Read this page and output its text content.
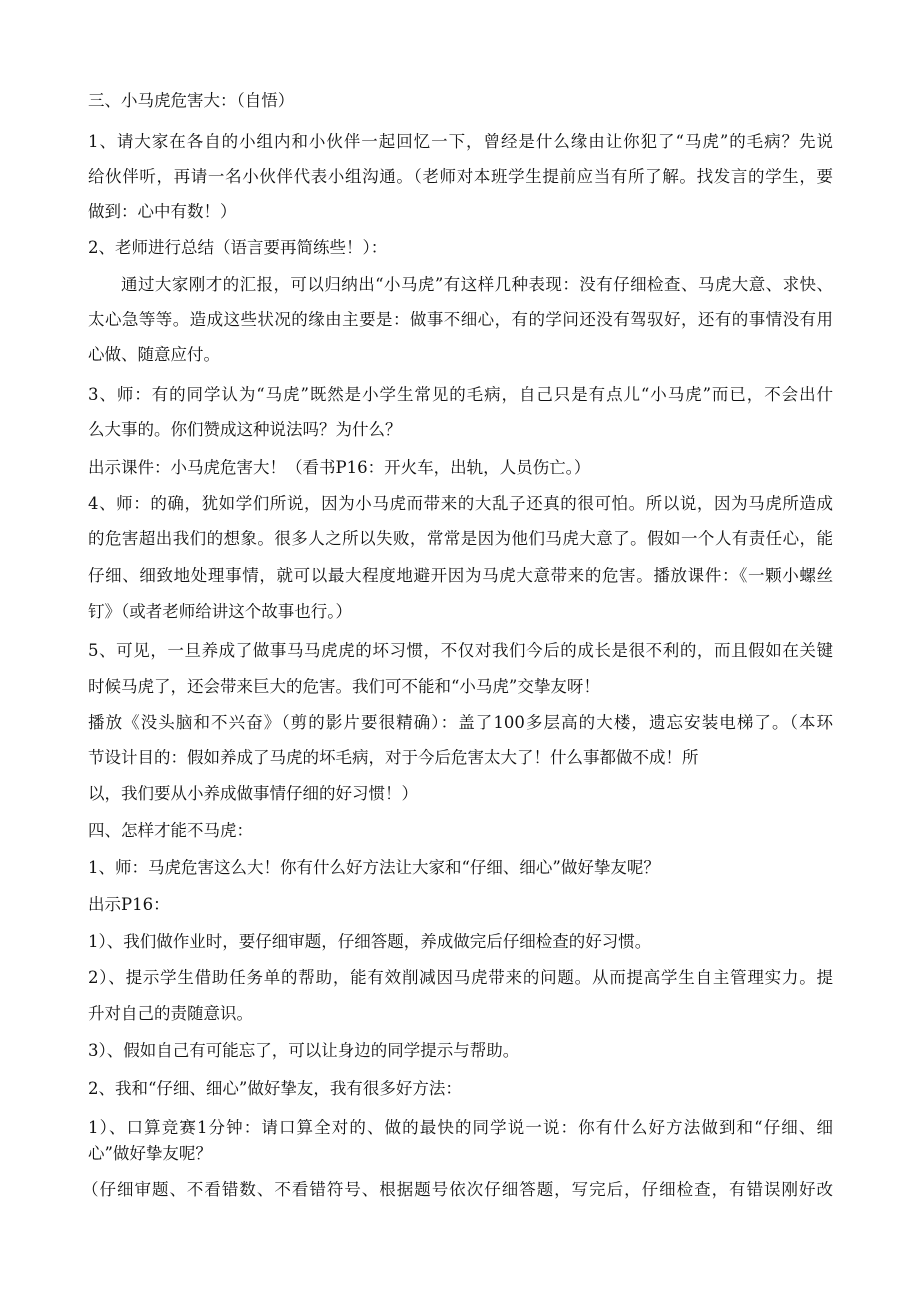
三、小马虎危害大：（自悟）
1、请大家在各自的小组内和小伙伴一起回忆一下，曾经是什么缘由让你犯了“马虎”的毛病？先说
给伙伴听，再请一名小伙伴代表小组沟通。（老师对本班学生提前应当有所了解。找发言的学生，要
做到：心中有数！）
2、老师进行总结（语言要再简练些！）：
通过大家刚才的汇报，可以归纳出“小马虎”有这样几种表现：没有仔细检查、马虎大意、求快、
太心急等等。造成这些状况的缘由主要是：做事不细心，有的学问还没有驾驭好，还有的事情没有用
心做、随意应付。
3、师：有的同学认为“马虎”既然是小学生常见的毛病，自己只是有点儿“小马虎”而已，不会出什
么大事的。你们赞成这种说法吗？为什么？
出示课件：小马虎危害大！（看书P16：开火车，出轨，人员伤亡。）
4、师：的确，犹如学们所说，因为小马虎而带来的大乱子还真的很可怕。所以说，因为马虎所造成
的危害超出我们的想象。很多人之所以失败，常常是因为他们马虎大意了。假如一个人有责任心，能
仔细、细致地处理事情，就可以最大程度地避开因为马虎大意带来的危害。播放课件：《一颗小螺丝
钉》（或者老师给讲这个故事也行。）
5、可见，一旦养成了做事马马虎虎的坏习惯，不仅对我们今后的成长是很不利的，而且假如在关键
时候马虎了，还会带来巨大的危害。我们可不能和“小马虎”交挚友呀！
播放《没头脑和不兴奋》（剪的影片要很精确）：盖了100多层高的大楼，遗忘安装电梯了。（本环
节设计目的：假如养成了马虎的坏毛病，对于今后危害太大了！什么事都做不成！所
以，我们要从小养成做事情仔细的好习惯！）
四、怎样才能不马虎：
1、师：马虎危害这么大！你有什么好方法让大家和“仔细、细心”做好挚友呢？
出示P16：
1）、我们做作业时，要仔细审题，仔细答题，养成做完后仔细检查的好习惯。
2）、提示学生借助任务单的帮助，能有效削减因马虎带来的问题。从而提高学生自主管理实力。提
升对自己的责随意识。
3）、假如自己有可能忘了，可以让身边的同学提示与帮助。
2、我和“仔细、细心”做好挚友，我有很多好方法：
1）、口算竞赛1分钟：请口算全对的、做的最快的同学说一说：你有什么好方法做到和“仔细、细
心”做好挚友呢？
（仔细审题、不看错数、不看错符号、根据题号依次仔细答题，写完后，仔细检查，有错误刚好改
